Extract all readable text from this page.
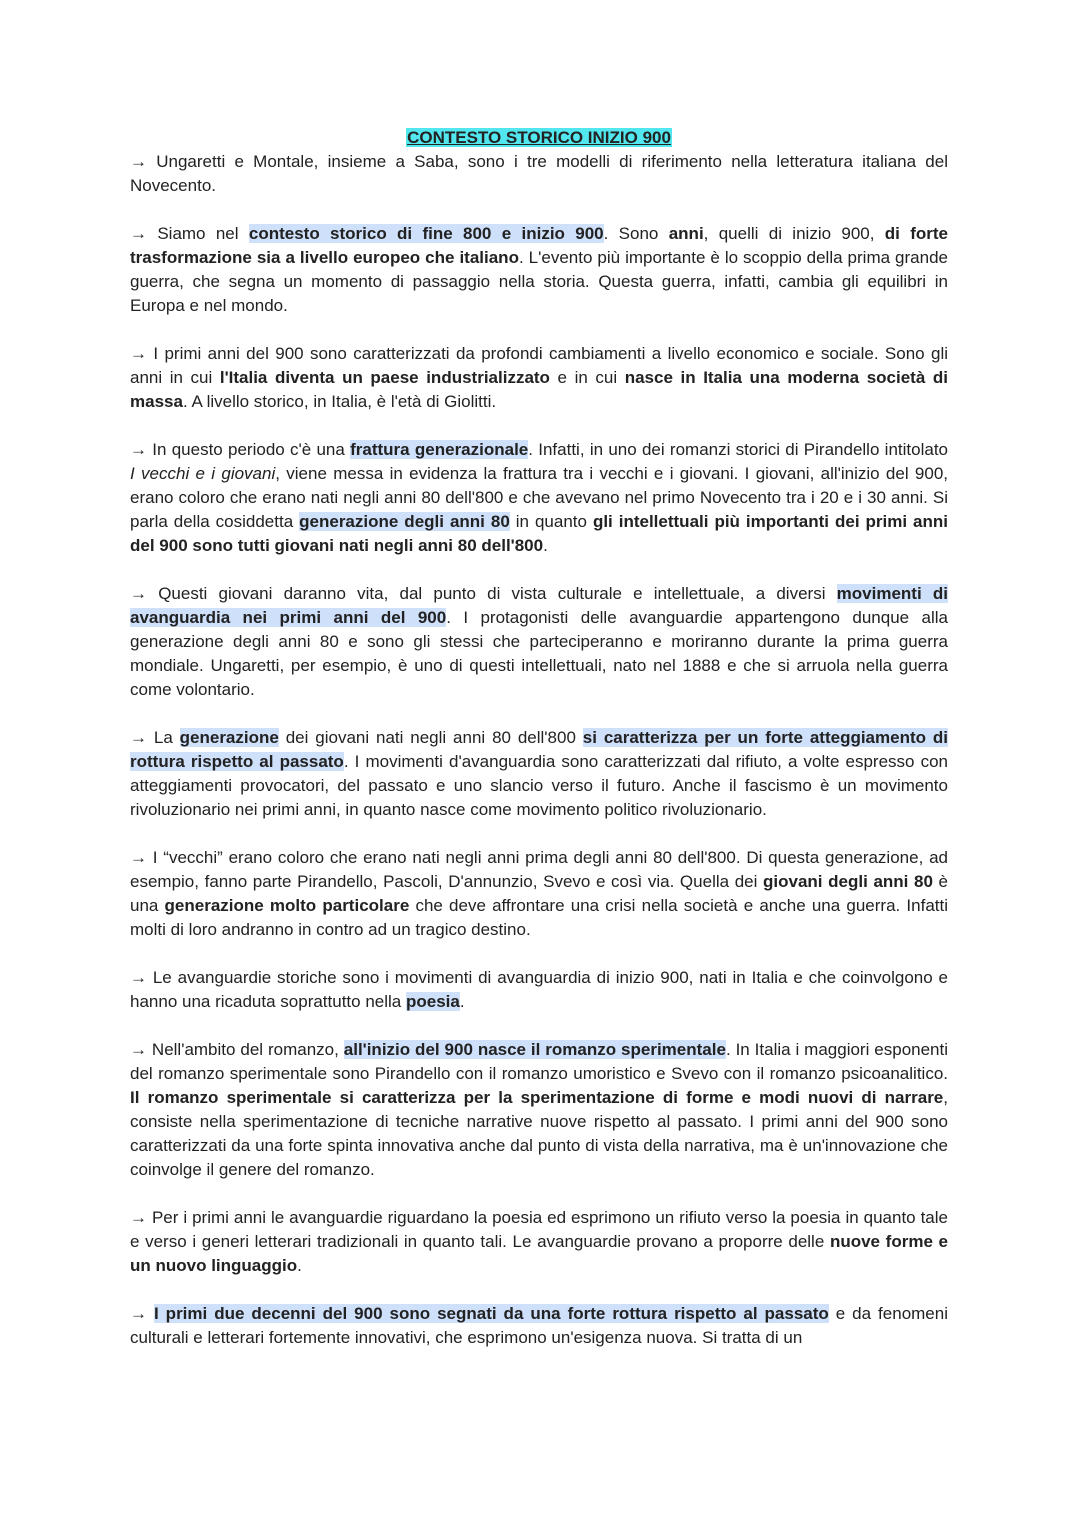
CONTESTO STORICO INIZIO 900

→ Ungaretti e Montale, insieme a Saba, sono i tre modelli di riferimento nella letteratura italiana del Novecento.

→ Siamo nel contesto storico di fine 800 e inizio 900. Sono anni, quelli di inizio 900, di forte trasformazione sia a livello europeo che italiano. L'evento più importante è lo scoppio della prima grande guerra, che segna un momento di passaggio nella storia. Questa guerra, infatti, cambia gli equilibri in Europa e nel mondo.

→ I primi anni del 900 sono caratterizzati da profondi cambiamenti a livello economico e sociale. Sono gli anni in cui l'Italia diventa un paese industrializzato e in cui nasce in Italia una moderna società di massa. A livello storico, in Italia, è l'età di Giolitti.

→ In questo periodo c'è una frattura generazionale. Infatti, in uno dei romanzi storici di Pirandello intitolato I vecchi e i giovani, viene messa in evidenza la frattura tra i vecchi e i giovani. I giovani, all'inizio del 900, erano coloro che erano nati negli anni 80 dell'800 e che avevano nel primo Novecento tra i 20 e i 30 anni. Si parla della cosiddetta generazione degli anni 80 in quanto gli intellettuali più importanti dei primi anni del 900 sono tutti giovani nati negli anni 80 dell'800.

→ Questi giovani daranno vita, dal punto di vista culturale e intellettuale, a diversi movimenti di avanguardia nei primi anni del 900. I protagonisti delle avanguardie appartengono dunque alla generazione degli anni 80 e sono gli stessi che parteciperanno e moriranno durante la prima guerra mondiale. Ungaretti, per esempio, è uno di questi intellettuali, nato nel 1888 e che si arruola nella guerra come volontario.

→ La generazione dei giovani nati negli anni 80 dell'800 si caratterizza per un forte atteggiamento di rottura rispetto al passato. I movimenti d'avanguardia sono caratterizzati dal rifiuto, a volte espresso con atteggiamenti provocatori, del passato e uno slancio verso il futuro. Anche il fascismo è un movimento rivoluzionario nei primi anni, in quanto nasce come movimento politico rivoluzionario.

→ I “vecchi” erano coloro che erano nati negli anni prima degli anni 80 dell'800. Di questa generazione, ad esempio, fanno parte Pirandello, Pascoli, D'annunzio, Svevo e così via. Quella dei giovani degli anni 80 è una generazione molto particolare che deve affrontare una crisi nella società e anche una guerra. Infatti molti di loro andranno in contro ad un tragico destino.

→ Le avanguardie storiche sono i movimenti di avanguardia di inizio 900, nati in Italia e che coinvolgono e hanno una ricaduta soprattutto nella poesia.

→ Nell'ambito del romanzo, all'inizio del 900 nasce il romanzo sperimentale. In Italia i maggiori esponenti del romanzo sperimentale sono Pirandello con il romanzo umoristico e Svevo con il romanzo psicoanalitico. Il romanzo sperimentale si caratterizza per la sperimentazione di forme e modi nuovi di narrare, consiste nella sperimentazione di tecniche narrative nuove rispetto al passato. I primi anni del 900 sono caratterizzati da una forte spinta innovativa anche dal punto di vista della narrativa, ma è un'innovazione che coinvolge il genere del romanzo.

→ Per i primi anni le avanguardie riguardano la poesia ed esprimono un rifiuto verso la poesia in quanto tale e verso i generi letterari tradizionali in quanto tali. Le avanguardie provano a proporre delle nuove forme e un nuovo linguaggio.

→ I primi due decenni del 900 sono segnati da una forte rottura rispetto al passato e da fenomeni culturali e letterari fortemente innovativi, che esprimono un'esigenza nuova. Si tratta di un
